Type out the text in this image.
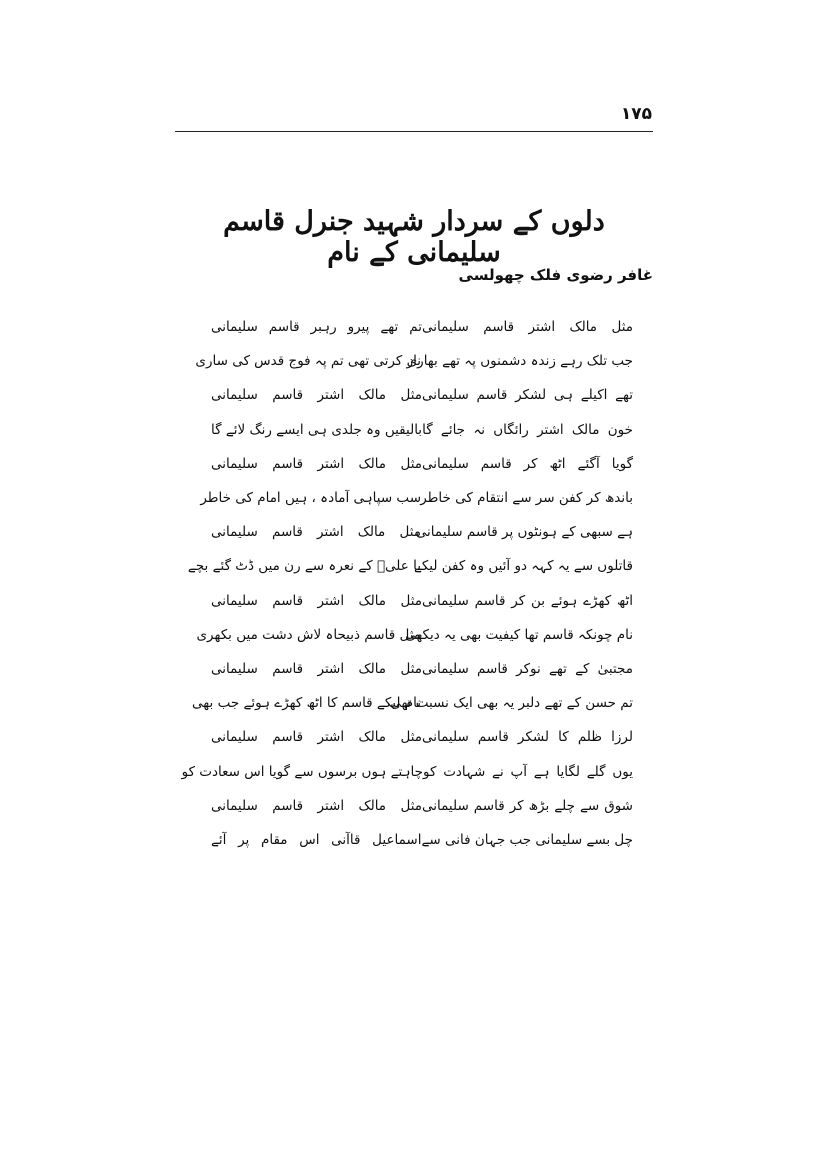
۱۷۵
دلوں کے سردار شہید جنرل قاسم سلیمانی کے نام
غافر رضوی فلک چھولسی
مثل مالک اشتر قاسم سلیمانی
تم تھے پیرو رہبر قاسم سلیمانی
جب تلک رہے زندہ دشمنوں پہ تھے بھاری
ناز کرتی تھی تم پہ فوج قدس کی ساری
تھے اکیلے ہی لشکر قاسم سلیمانی
مثل مالک اشتر قاسم سلیمانی
خون مالک اشتر رائگاں نہ جائے گا
بالیقیں وہ جلدی ہی ایسے رنگ لائے گا
گویا آگئے اٹھ کر قاسم سلیمانی
مثل مالک اشتر قاسم سلیمانی
باندھ کر کفن سر سے انتقام کی خاطر
سب سپاہی آمادہ ، ہیں امام کی خاطر
ہے سبھی کے ہونٹوں پر قاسم سلیمانی
مثل مالک اشتر قاسم سلیمانی
قاتلوں سے یہ کہہ دو آئیں وہ کفن لیکے
یا علیؑ کے نعرہ سے رن میں ڈٹ گئے بچے
اٹھ کھڑے ہوئے بن کر قاسم سلیمانی
مثل مالک اشتر قاسم سلیمانی
نام چونکہ قاسم تھا کیفیت بھی یہ دیکھی
مثل قاسم ذبیحاہ لاش دشت میں بکھری
مجتبیٰ کے تھے نوکر قاسم سلیمانی
مثل مالک اشتر قاسم سلیمانی
تم حسن کے تھے دلبر یہ بھی ایک نسبت تھی
نام لیکے قاسم کا اٹھ کھڑے ہوئے جب بھی
لرزا ظلم کا لشکر قاسم سلیمانی
مثل مالک اشتر قاسم سلیمانی
یوں گلے لگایا ہے آپ نے شہادت کو
چاہتے ہوں برسوں سے گویا اس سعادت کو
شوق سے چلے بڑھ کر قاسم سلیمانی
مثل مالک اشتر قاسم سلیمانی
چل بسے سلیمانی جب جہان فانی سے
اسماعیل قاآنی اس مقام پر آئے
